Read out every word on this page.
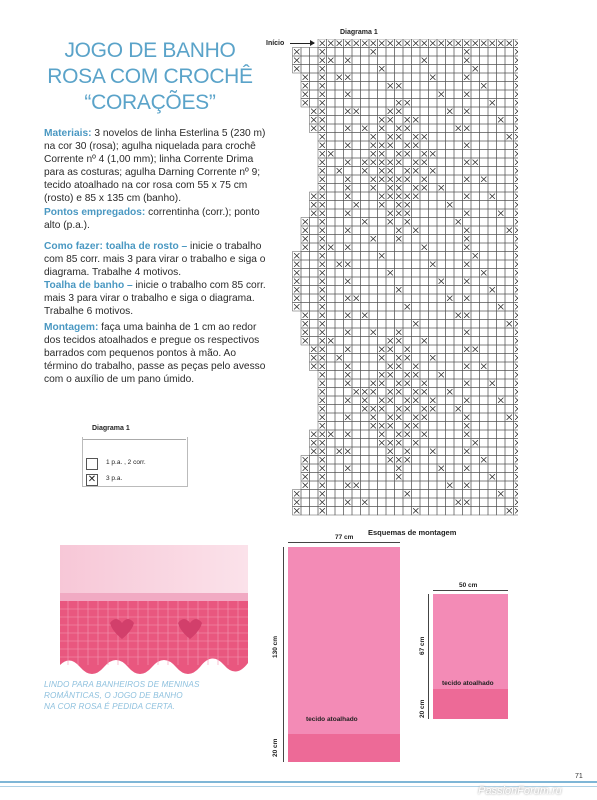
JOGO DE BANHO
ROSA COM CROCHÊ
“CORAÇÕES”
Materiais: 3 novelos de linha Esterlina 5 (230 m) na cor 30 (rosa); agulha niquelada para crochê Corrente nº 4 (1,00 mm); linha Corrente Drima para as costuras; agulha Darning Corrente nº 9; tecido atoalhado na cor rosa com 55 x 75 cm (rosto) e 85 x 135 cm (banho).
Pontos empregados: correntinha (corr.); ponto alto (p.a.).
Como fazer: toalha de rosto – inicie o trabalho com 85 corr. mais 3 para virar o trabalho e siga o diagrama. Trabalhe 4 motivos.
Toalha de banho – inicie o trabalho com 85 corr. mais 3 para virar o trabalho e siga o diagrama. Trabalhe 6 motivos.
Montagem: faça uma bainha de 1 cm ao redor dos tecidos atoalhados e pregue os respectivos barrados com pequenos pontos à mão. Ao término do trabalho, passe as peças pelo avesso com o auxílio de um pano úmido.
Diagrama 1
1 p.a. , 2 corr.
✕ 3 p.a.
Diagrama 1
Início
LINDO PARA BANHEIROS DE MENINAS
ROMÂNTICAS, O JOGO DE BANHO
NA COR ROSA É PEDIDA CERTA.
Esquemas de montagem
77 cm
130 cm
20 cm
tecido atoalhado
50 cm
67 cm
20 cm
tecido atoalhado
71
PassionForum.ru
